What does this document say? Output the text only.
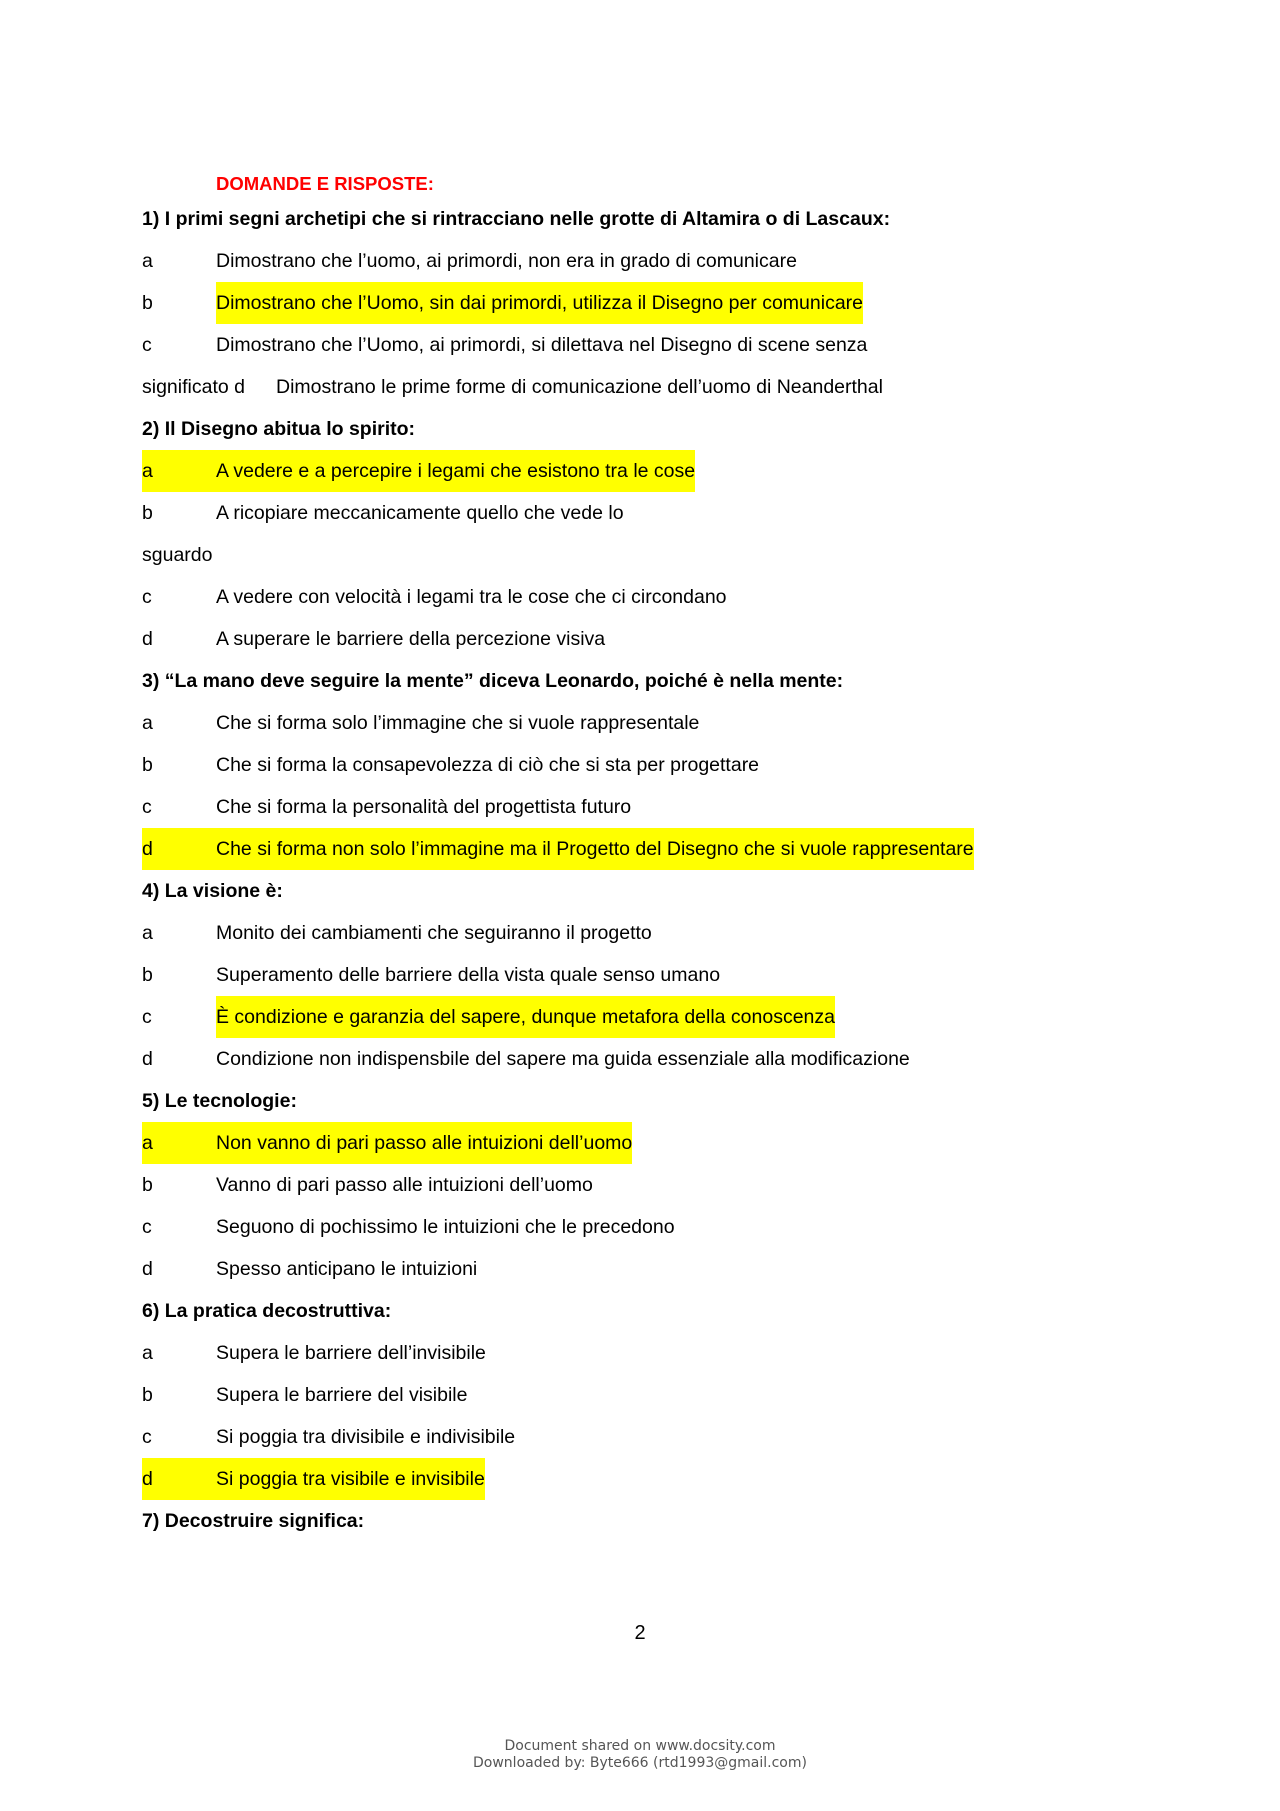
DOMANDE E RISPOSTE:
1) I primi segni archetipi che si rintracciano nelle grotte di Altamira o di Lascaux:
a	Dimostrano che l’uomo, ai primordi, non era in grado di comunicare
b	Dimostrano che l’Uomo, sin dai primordi, utilizza il Disegno per comunicare
c	Dimostrano che l’Uomo, ai primordi, si dilettava nel Disegno di scene senza
significato d Dimostrano le prime forme di comunicazione dell’uomo di Neanderthal
2) Il Disegno abitua lo spirito:
a	A vedere e a percepire i legami che esistono tra le cose
b	A ricopiare meccanicamente quello che vede lo
sguardo
c	A vedere con velocità i legami tra le cose che ci circondano
d	A superare le barriere della percezione visiva
3) “La mano deve seguire la mente” diceva Leonardo, poiché è nella mente:
a	Che si forma solo l’immagine che si vuole rappresentale
b	Che si forma la consapevolezza di ciò che si sta per progettare
c	Che si forma la personalità del progettista futuro
d	Che si forma non solo l’immagine ma il Progetto del Disegno che si vuole rappresentare
4) La visione è:
a	Monito dei cambiamenti che seguiranno il progetto
b	Superamento delle barriere della vista quale senso umano
c	È condizione e garanzia del sapere, dunque metafora della conoscenza
d	Condizione non indispensbile del sapere ma guida essenziale alla modificazione
5) Le tecnologie:
a	Non vanno di pari passo alle intuizioni dell’uomo
b	Vanno di pari passo alle intuizioni dell’uomo
c	Seguono di pochissimo le intuizioni che le precedono
d	Spesso anticipano le intuizioni
6) La pratica decostruttiva:
a	Supera le barriere dell’invisibile
b	Supera le barriere del visibile
c	Si poggia tra divisibile e indivisibile
d	Si poggia tra visibile e invisibile
7) Decostruire significa:
2
Document shared on www.docsity.com
Downloaded by: Byte666 (rtd1993@gmail.com)
